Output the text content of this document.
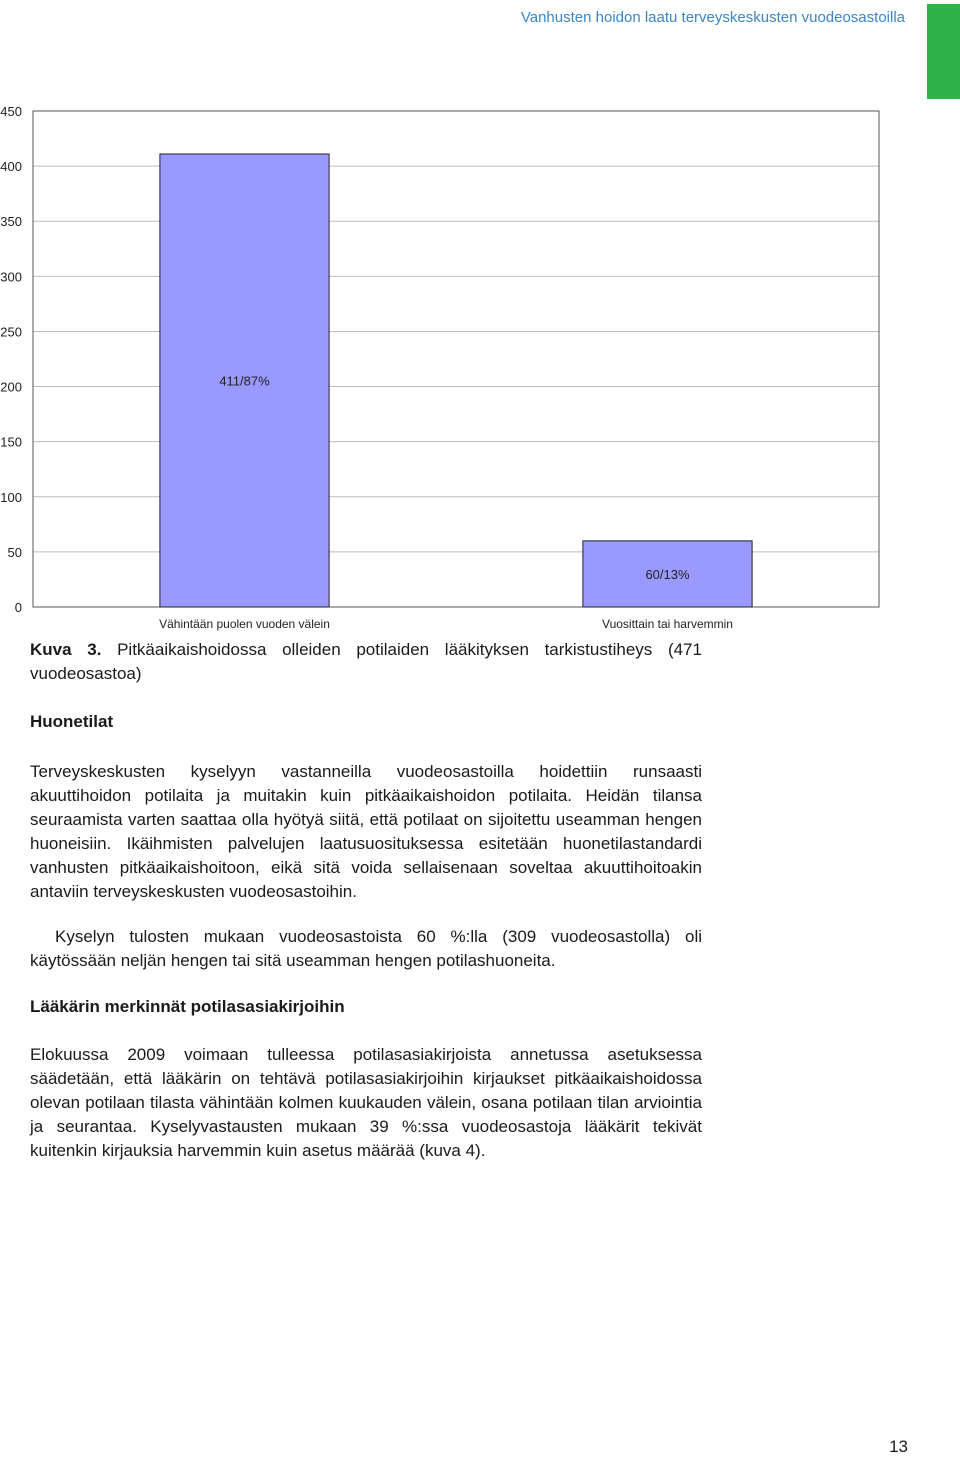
Vanhusten hoidon laatu terveyskeskusten vuodeosastoilla
0
50
100
150
200
250
300
350
400
450
411/87%
60/13%
Vähintään puolen vuoden välein	Vuosittain tai harvemmin
Kuva 3. Pitkäaikaishoidossa olleiden potilaiden lääkityksen tarkistustiheys (471 vuodeosastoa)
Huonetilat

Terveyskeskusten kyselyyn vastanneilla vuodeosastoilla hoidettiin runsaasti akuuttihoidon potilaita ja muitakin kuin pitkäaikaishoidon potilaita. Heidän tilansa seuraamista varten saattaa olla hyötyä siitä, että potilaat on sijoitettu useamman hengen huoneisiin. Ikäihmisten palvelujen laatusuosituksessa esitetään huonetilastandardi vanhusten pitkäaikaishoitoon, eikä sitä voida sellaisenaan soveltaa akuuttihoitoakin antaviin terveyskeskusten vuodeosastoihin.

Kyselyn tulosten mukaan vuodeosastoista 60 %:lla (309 vuodeosastolla) oli käytössään neljän hengen tai sitä useamman hengen potilashuoneita.

Lääkärin merkinnät potilasasiakirjoihin

Elokuussa 2009 voimaan tulleessa potilasasiakirjoista annetussa asetuksessa säädetään, että lääkärin on tehtävä potilasasiakirjoihin kirjaukset pitkäaikaishoidossa olevan potilaan tilasta vähintään kolmen kuukauden välein, osana potilaan tilan arviointia ja seurantaa. Kyselyvastausten mukaan 39 %:ssa vuodeosastoja lääkärit tekivät kuitenkin kirjauksia harvemmin kuin asetus määrää (kuva 4).

13
